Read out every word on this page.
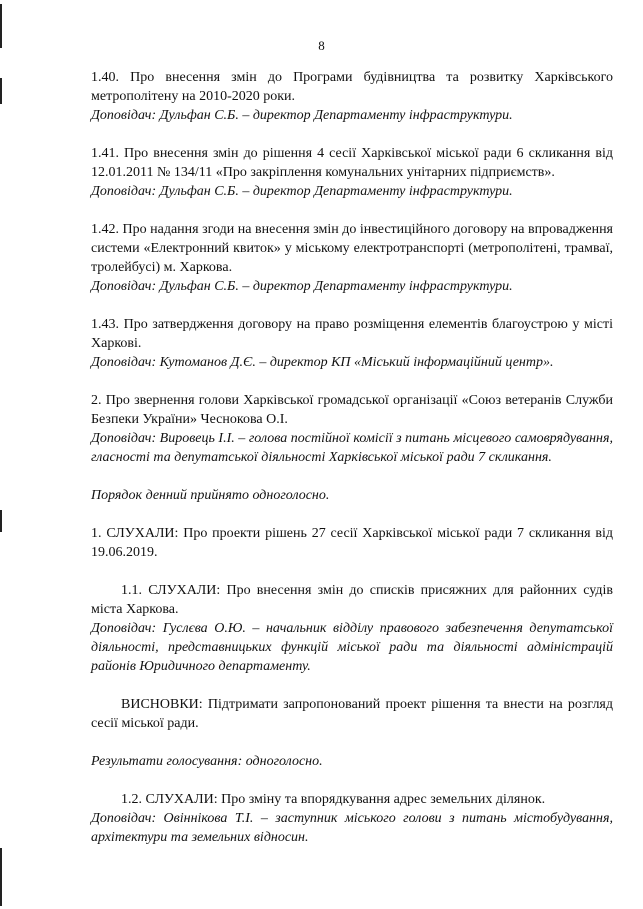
8
1.40. Про внесення змін до Програми будівництва та розвитку Харківського метрополітену на 2010-2020 роки.
Доповідач: Дульфан С.Б. – директор Департаменту інфраструктури.
1.41. Про внесення змін до рішення 4 сесії Харківської міської ради 6 скликання від 12.01.2011 № 134/11 «Про закріплення комунальних унітарних підприємств».
Доповідач: Дульфан С.Б. – директор Департаменту інфраструктури.
1.42. Про надання згоди на внесення змін до інвестиційного договору на впровадження системи «Електронний квиток» у міському електротранспорті (метрополітені, трамваї, тролейбусі) м. Харкова.
Доповідач: Дульфан С.Б. – директор Департаменту інфраструктури.
1.43. Про затвердження договору на право розміщення елементів благоустрою у місті Харкові.
Доповідач: Кутоманов Д.Є. – директор КП «Міський інформаційний центр».
2. Про звернення голови Харківської громадської організації «Союз ветеранів Служби Безпеки України» Чеснокова О.І.
Доповідач: Вировець І.І. – голова постійної комісії з питань місцевого самоврядування, гласності та депутатської діяльності Харківської міської ради 7 скликання.
Порядок денний прийнято одноголосно.
1. СЛУХАЛИ: Про проекти рішень 27 сесії Харківської міської ради 7 скликання від 19.06.2019.
1.1. СЛУХАЛИ: Про внесення змін до списків присяжних для районних судів міста Харкова.
Доповідач: Гуслєва О.Ю. – начальник відділу правового забезпечення депутатської діяльності, представницьких функцій міської ради та діяльності адміністрацій районів Юридичного департаменту.
ВИСНОВКИ: Підтримати запропонований проект рішення та внести на розгляд сесії міської ради.
Результати голосування: одноголосно.
1.2. СЛУХАЛИ: Про зміну та впорядкування адрес земельних ділянок.
Доповідач: Овіннікова Т.І. – заступник міського голови з питань містобудування, архітектури та земельних відносин.
